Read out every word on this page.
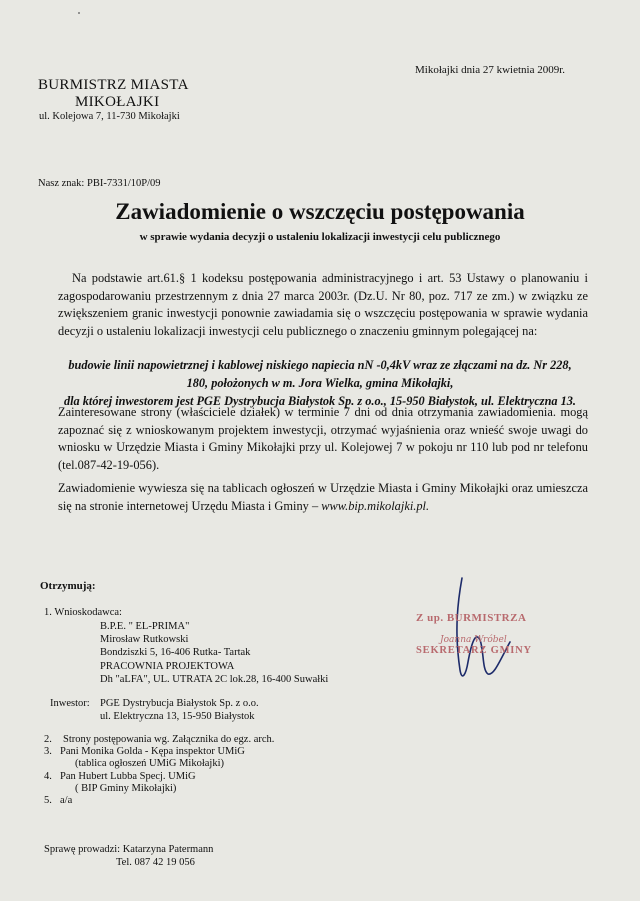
Mikołajki dnia 27 kwietnia 2009r.
BURMISTRZ MIASTA
MIKOŁAJKI
ul. Kolejowa 7, 11-730 Mikołajki
Nasz znak: PBI-7331/10P/09
Zawiadomienie o wszczęciu postępowania
w sprawie wydania decyzji o ustaleniu lokalizacji inwestycji celu publicznego
Na podstawie art.61.§ 1 kodeksu postępowania administracyjnego i art. 53 Ustawy o planowaniu i zagospodarowaniu przestrzennym z dnia 27 marca 2003r. (Dz.U. Nr 80, poz. 717 ze zm.) w związku ze zwiększeniem granic inwestycji ponownie zawiadamia się o wszczęciu postępowania w sprawie wydania decyzji o ustaleniu lokalizacji inwestycji celu publicznego o znaczeniu gminnym polegającej na:
budowie linii napowietrznej i kablowej niskiego napiecia nN -0,4kV wraz ze złączami na dz. Nr 228,
180, położonych w m. Jora Wielka, gmina Mikołajki,
dla której inwestorem jest PGE Dystrybucja Białystok Sp. z o.o., 15-950 Białystok, ul. Elektryczna 13.
Zainteresowane strony (właściciele działek) w terminie 7 dni od dnia otrzymania zawiadomienia. mogą zapoznać się z wnioskowanym projektem inwestycji, otrzymać wyjaśnienia oraz wnieść swoje uwagi do wniosku w Urzędzie Miasta i Gminy Mikołajki przy ul. Kolejowej 7 w pokoju nr 110 lub pod nr telefonu (tel.087-42-19-056).
Zawiadomienie wywiesza się na tablicach ogłoszeń w Urzędzie Miasta i Gminy Mikołajki oraz umieszcza się na stronie internetowej Urzędu Miasta i Gminy – www.bip.mikolajki.pl.
Otrzymują:
1. Wnioskodawca:
B.P.E. " EL-PRIMA"
Mirosław Rutkowski
Bondziszki 5, 16-406 Rutka- Tartak
PRACOWNIA PROJEKTOWA
Dh "aLFA", UL. UTRATA 2C lok.28, 16-400 Suwałki
Inwestor: PGE Dystrybucja Białystok Sp. z o.o.
ul. Elektryczna 13, 15-950 Białystok
2.	Strony postępowania wg. Załącznika do egz. arch.
3. Pani Monika Golda - Kępa inspektor UMiG
(tablica ogłoszeń UMiG Mikołajki)
4. Pan Hubert Lubba Specj. UMiG
( BIP Gminy Mikołajki)
5. a/a
Z up. BURMISTRZA
Joanna Wróbel
SEKRETARZ GMINY
Sprawę prowadzi: Katarzyna Patermann
Tel. 087 42 19 056
